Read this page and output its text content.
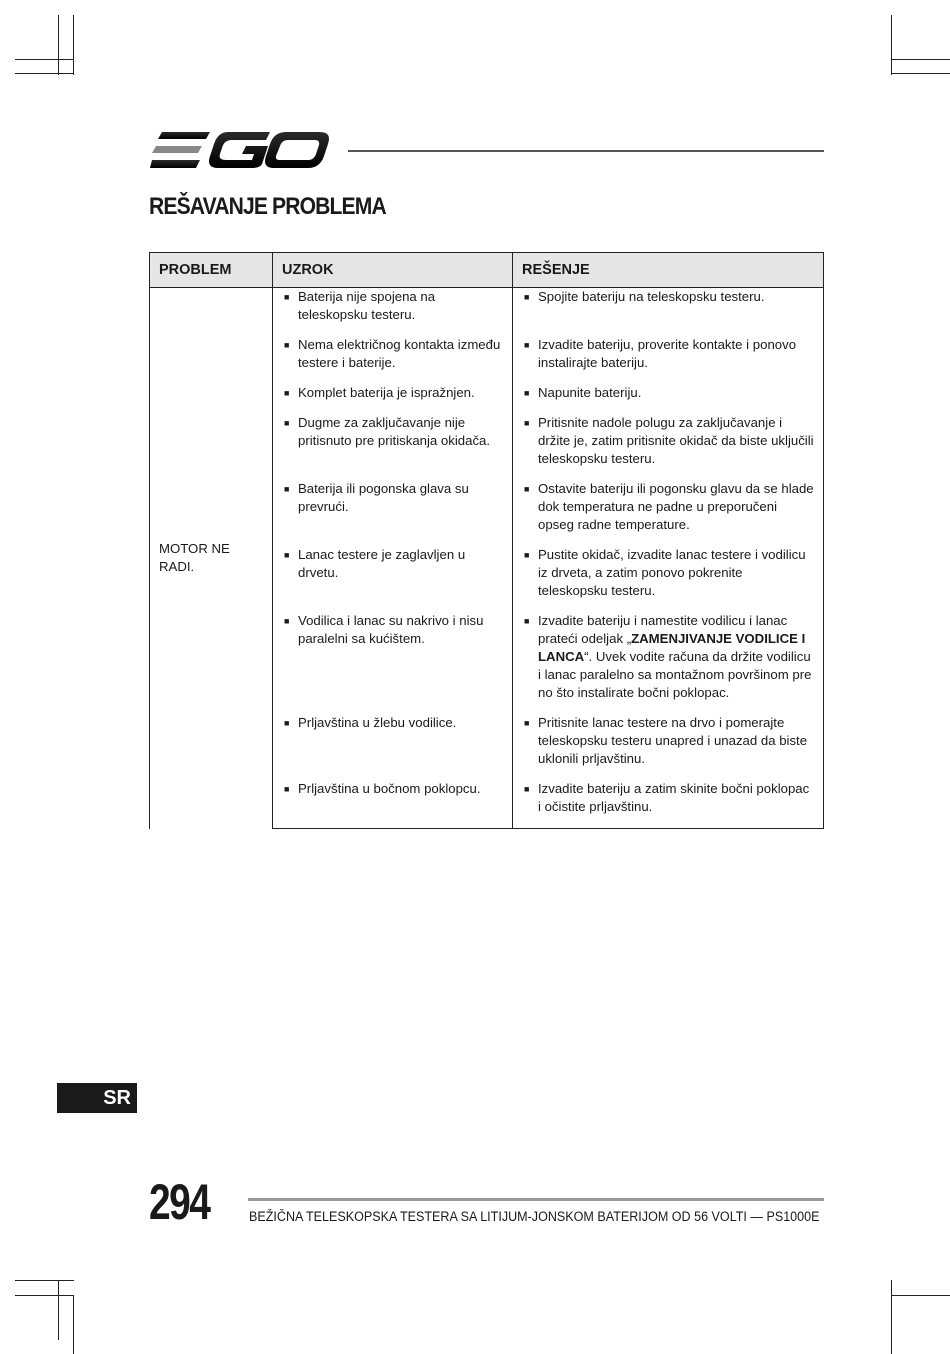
REŠAVANJE PROBLEMA
PROBLEM	UZROK	REŠENJE
MOTOR NE RADI.	■ Baterija nije spojena na teleskopsku testeru.	■ Spojite bateriju na teleskopsku testeru.

	■ Nema električnog kontakta između testere i baterije.	■ Izvadite bateriju, proverite kontakte i ponovo instalirajte bateriju.

	■ Komplet baterija je ispražnjen.	■ Napunite bateriju.

	■ Dugme za zaključavanje nije pritisnuto pre pritiskanja okidača.	■ Pritisnite nadole polugu za zaključavanje i držite je, zatim pritisnite okidač da biste uključili teleskopsku testeru.

	■ Baterija ili pogonska glava su prevrući.	■ Ostavite bateriju ili pogonsku glavu da se hlade dok temperatura ne padne u preporučeni opseg radne temperature.

	■ Lanac testere je zaglavljen u drvetu.	■ Pustite okidač, izvadite lanac testere i vodilicu iz drveta, a zatim ponovo pokrenite teleskopsku testeru.

	■ Vodilica i lanac su nakrivo i nisu paralelni sa kućištem.	■ Izvadite bateriju i namestite vodilicu i lanac prateći odeljak „ZAMENJIVANJE VODILICE I LANCA“. Uvek vodite računa da držite vodilicu i lanac paralelno sa montažnom površinom pre no što instalirate bočni poklopac.

	■ Prljavština u žlebu vodilice.	■ Pritisnite lanac testere na drvo i pomerajte teleskopsku testeru unapred i unazad da biste uklonili prljavštinu.

	■ Prljavština u bočnom poklopcu.	■ Izvadite bateriju a zatim skinite bočni poklopac i očistite prljavštinu.
SR
294	BEŽIČNA TELESKOPSKA TESTERA SA LITIJUM-JONSKOM BATERIJOM OD 56 VOLTI — PS1000E
